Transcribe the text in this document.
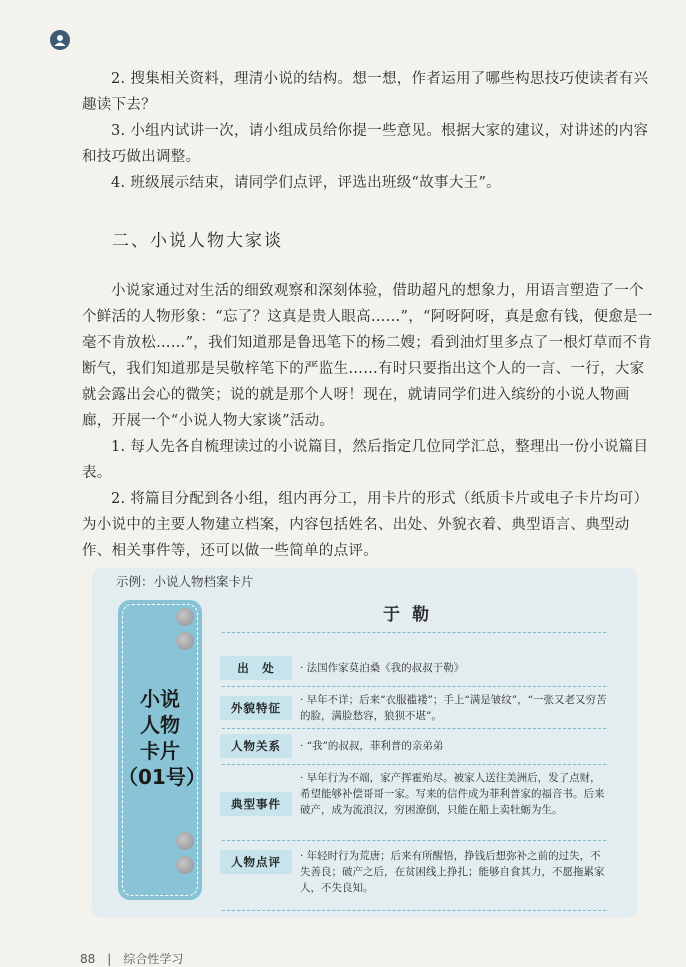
2. 搜集相关资料，理清小说的结构。想一想，作者运用了哪些构思技巧使读者有兴趣读下去？

3. 小组内试讲一次，请小组成员给你提一些意见。根据大家的建议，对讲述的内容和技巧做出调整。

4. 班级展示结束，请同学们点评，评选出班级“故事大王”。

二、小说人物大家谈

小说家通过对生活的细致观察和深刻体验，借助超凡的想象力，用语言塑造了一个个鲜活的人物形象：“忘了？这真是贵人眼高……”，“阿呀阿呀，真是愈有钱，便愈是一毫不肯放松……”，我们知道那是鲁迅笔下的杨二嫂；看到油灯里多点了一根灯草而不肯断气，我们知道那是吴敬梓笔下的严监生……有时只要指出这个人的一言、一行，大家就会露出会心的微笑；说的就是那个人呀！现在，就请同学们进入缤纷的小说人物画廊，开展一个“小说人物大家谈”活动。

1. 每人先各自梳理读过的小说篇目，然后指定几位同学汇总，整理出一份小说篇目表。

2. 将篇目分配到各小组，组内再分工，用卡片的形式（纸质卡片或电子卡片均可）为小说中的主要人物建立档案，内容包括姓名、出处、外貌衣着、典型语言、典型动作、相关事件等，还可以做一些简单的点评。

小说
人物
卡片
（01号）
于勒
出　处	· 法国作家莫泊桑《我的叔叔于勒》
外貌特征
· 早年不详；后来“衣服褴褛”；手上“满是皱纹”，“一张又老又穷苦的脸，满脸愁容，狼狈不堪”。
人物关系	· “我”的叔叔，菲利普的亲弟弟
典型事件
· 早年行为不端，家产挥霍殆尽。被家人送往美洲后，发了点财，希望能够补偿哥哥一家。写来的信件成为菲利普家的福音书。后来破产，成为流浪汉，穷困潦倒，只能在船上卖牡蛎为生。
人物点评	· 年轻时行为荒唐；后来有所醒悟，挣钱后想弥补之前的过失，不失善良；破产之后，在贫困线上挣扎；能够自食其力，不愿拖累家人，不失良知。
示例：小说人物档案卡片
88　|　综合性学习
